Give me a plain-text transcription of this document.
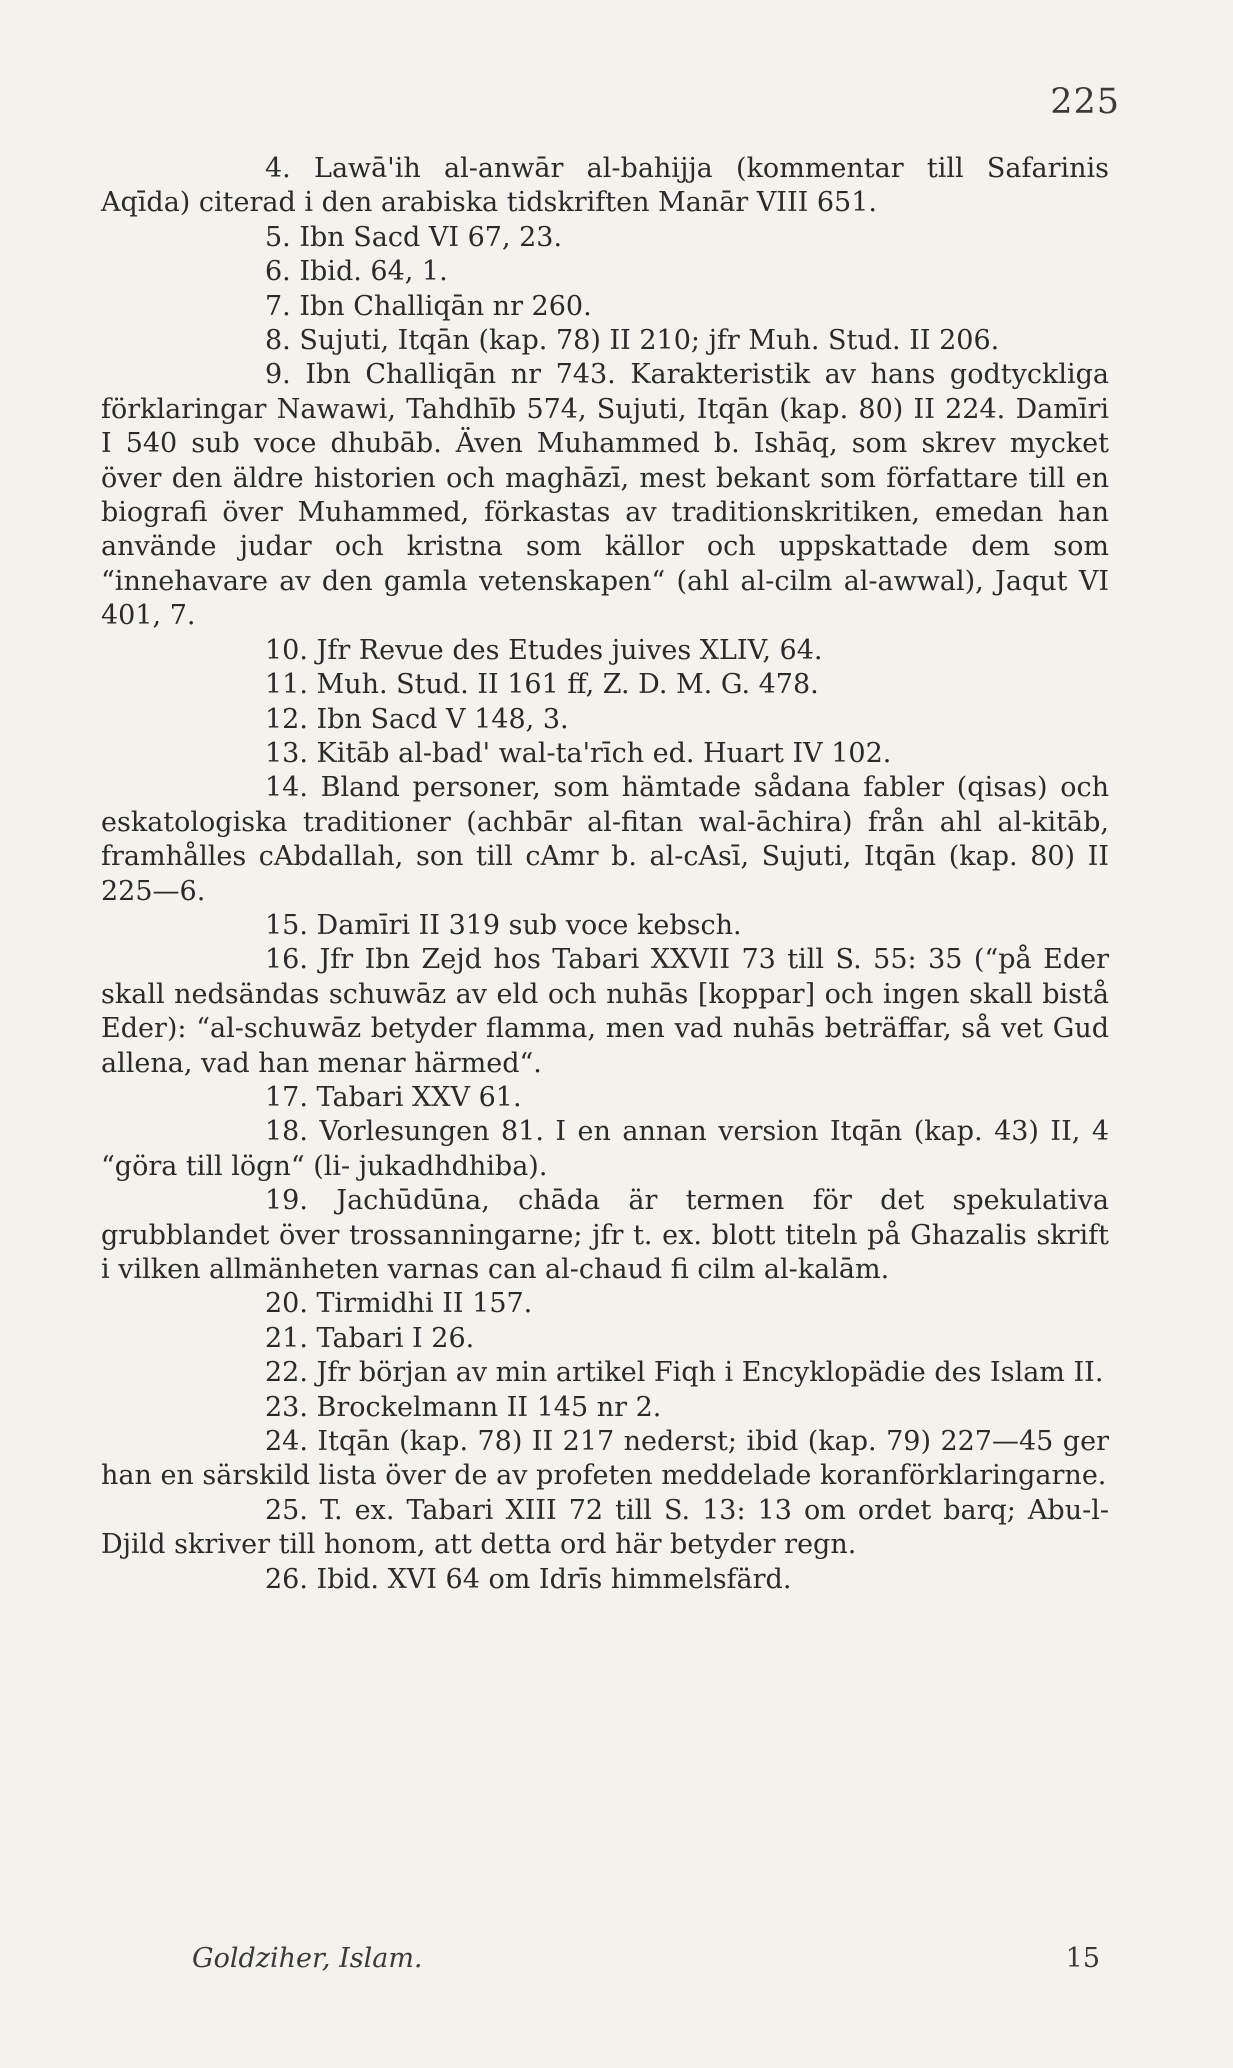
225

4. Lawā'ih al-anwār al-bahijja (kommentar till Safarinis Aqīda) citerad i den arabiska tidskriften Manār VIII 651.

5. Ibn Sacd VI 67, 23.

6. Ibid. 64, 1.

7. Ibn Challiqān nr 260.

8. Sujuti, Itqān (kap. 78) II 210; jfr Muh. Stud. II 206.

9. Ibn Challiqān nr 743. Karakteristik av hans godtyckliga förklaringar Nawawi, Tahdhīb 574, Sujuti, Itqān (kap. 80) II 224. Damīri I 540 sub voce dhubāb. Även Muhammed b. Ishāq, som skrev mycket över den äldre historien och maghāzī, mest bekant som författare till en biografi över Muhammed, förkastas av traditionskritiken, emedan han använde judar och kristna som källor och uppskattade dem som “innehavare av den gamla vetenskapen“ (ahl al-cilm al-awwal), Jaqut VI 401, 7.

10. Jfr Revue des Etudes juives XLIV, 64.

11. Muh. Stud. II 161 ff, Z. D. M. G. 478.

12. Ibn Sacd V 148, 3.

13. Kitāb al-bad' wal-ta'rīch ed. Huart IV 102.

14. Bland personer, som hämtade sådana fabler (qisas) och eskatologiska traditioner (achbār al-fitan wal-āchira) från ahl al-kitāb, framhålles cAbdallah, son till cAmr b. al-cAsī, Sujuti, Itqān (kap. 80) II 225—6.

15. Damīri II 319 sub voce kebsch.

16. Jfr Ibn Zejd hos Tabari XXVII 73 till S. 55: 35 (“på Eder skall nedsändas schuwāz av eld och nuhās [koppar] och ingen skall bistå Eder): “al-schuwāz betyder flamma, men vad nuhās beträffar, så vet Gud allena, vad han menar härmed“.

17. Tabari XXV 61.

18. Vorlesungen 81. I en annan version Itqān (kap. 43) II, 4 “göra till lögn“ (li- jukadhdhiba).

19. Jachūdūna, chāda är termen för det spekulativa grubblandet över trossanningarne; jfr t. ex. blott titeln på Ghazalis skrift i vilken allmänheten varnas can al-chaud fi cilm al-kalām.

20. Tirmidhi II 157.

21. Tabari I 26.

22. Jfr början av min artikel Fiqh i Encyklopädie des Islam II.

23. Brockelmann II 145 nr 2.

24. Itqān (kap. 78) II 217 nederst; ibid (kap. 79) 227—45 ger han en särskild lista över de av profeten meddelade koranförklaringarne.

25. T. ex. Tabari XIII 72 till S. 13: 13 om ordet barq; Abu-l-Djild skriver till honom, att detta ord här betyder regn.

26. Ibid. XVI 64 om Idrīs himmelsfärd.

Goldziher, Islam.	15
